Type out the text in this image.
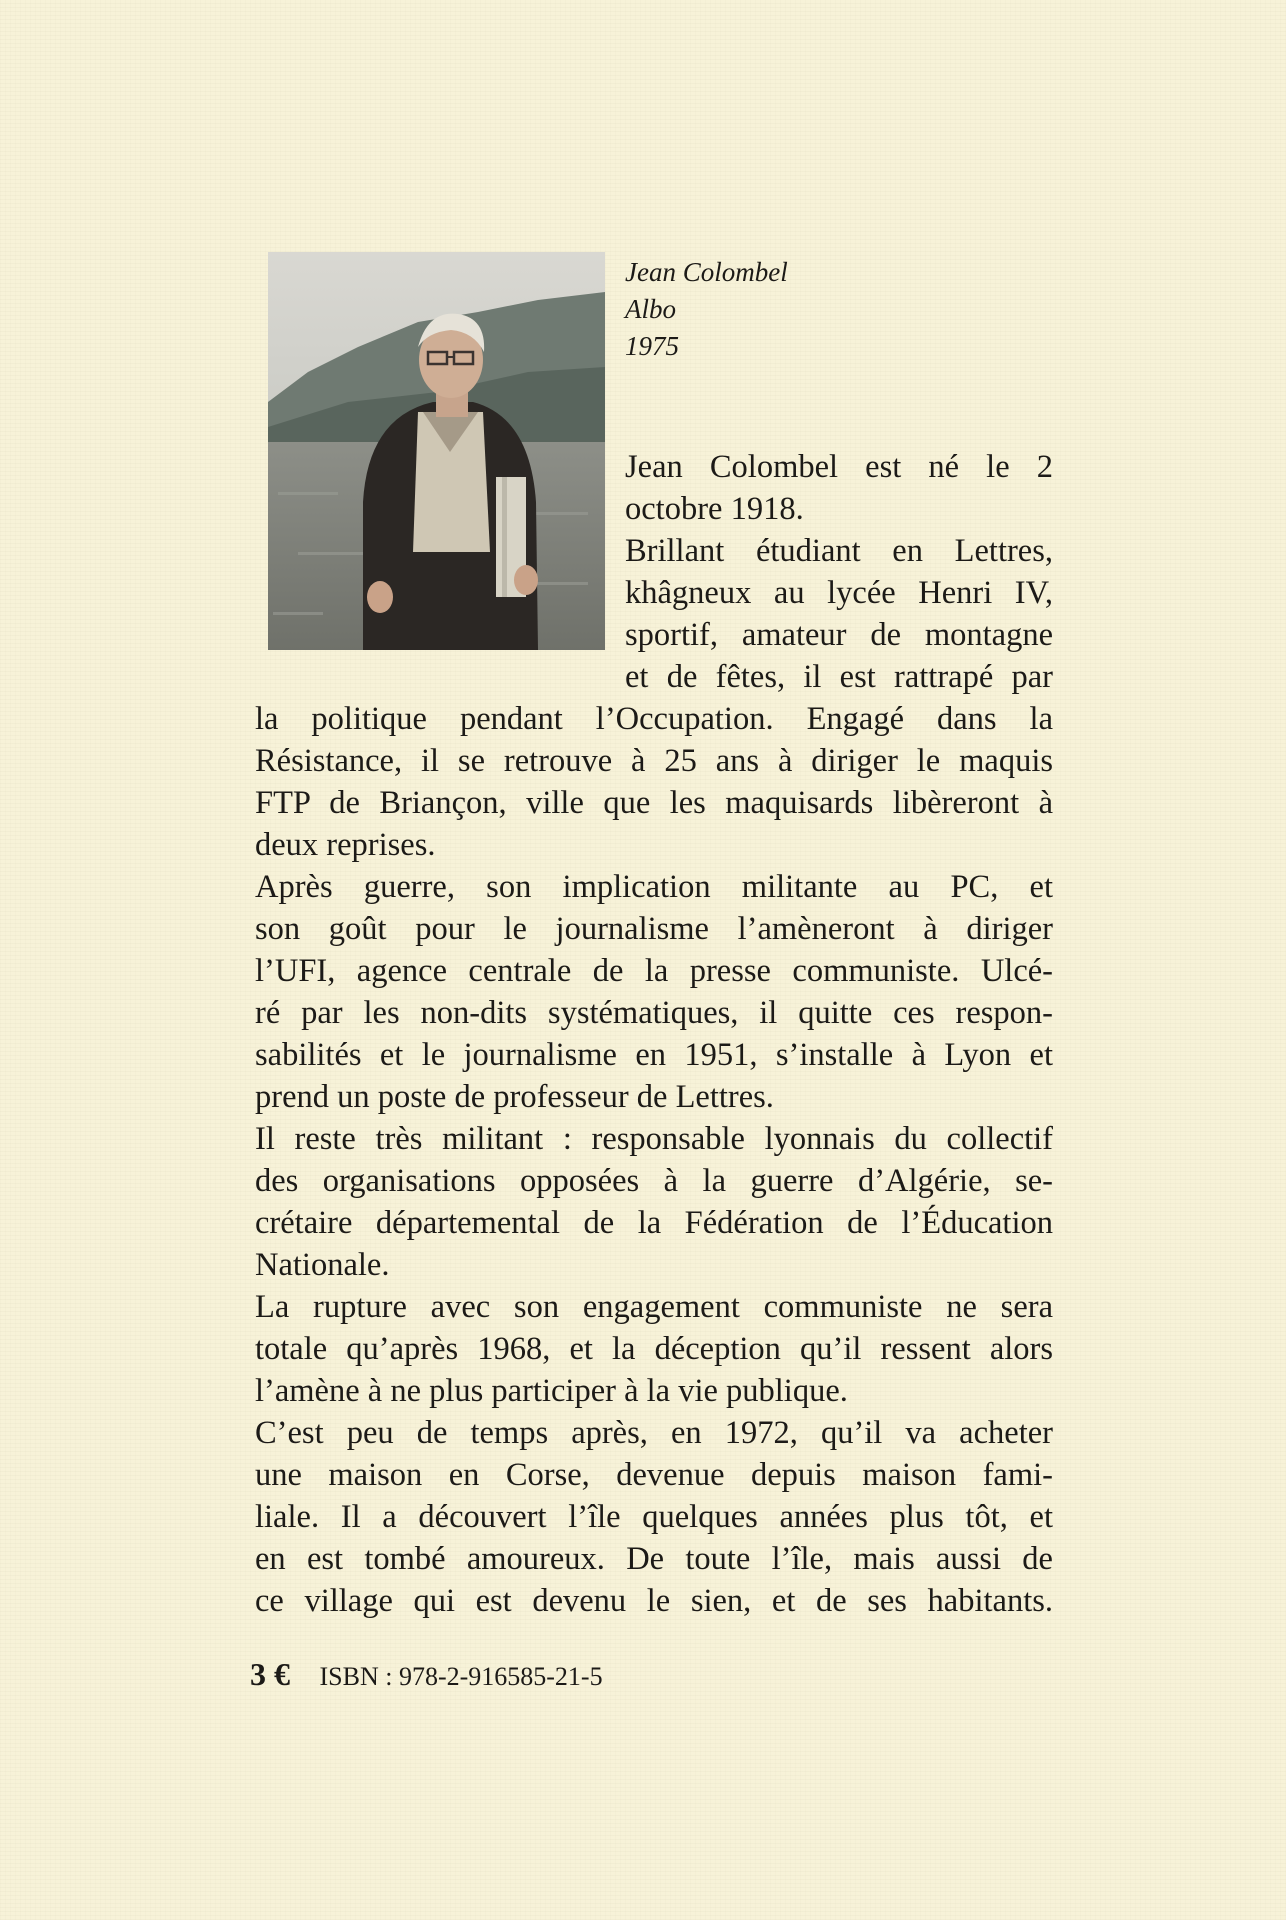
Jean Colombel
Albo
1975
Jean Colombel est né le 2
octobre 1918.
Brillant étudiant en Lettres,
khâgneux au lycée Henri IV,
sportif, amateur de montagne
et de fêtes, il est rattrapé par
la politique pendant l’Occupation. Engagé dans la
Résistance, il se retrouve à 25 ans à diriger le maquis
FTP de Briançon, ville que les maquisards libèreront à
deux reprises.
Après guerre, son implication militante au PC, et
son goût pour le journalisme l’amèneront à diriger
l’UFI, agence centrale de la presse communiste. Ulcé-
ré par les non-dits systématiques, il quitte ces respon-
sabilités et le journalisme en 1951, s’installe à Lyon et
prend un poste de professeur de Lettres.
Il reste très militant : responsable lyonnais du collectif
des organisations opposées à la guerre d’Algérie, se-
crétaire départemental de la Fédération de l’Éducation
Nationale.
La rupture avec son engagement communiste ne sera
totale qu’après 1968, et la déception qu’il ressent alors
l’amène à ne plus participer à la vie publique.
C’est peu de temps après, en 1972, qu’il va acheter
une maison en Corse, devenue depuis maison fami-
liale. Il a découvert l’île quelques années plus tôt, et
en est tombé amoureux. De toute l’île, mais aussi de
ce village qui est devenu le sien, et de ses habitants.
3 € ISBN : 978-2-916585-21-5
